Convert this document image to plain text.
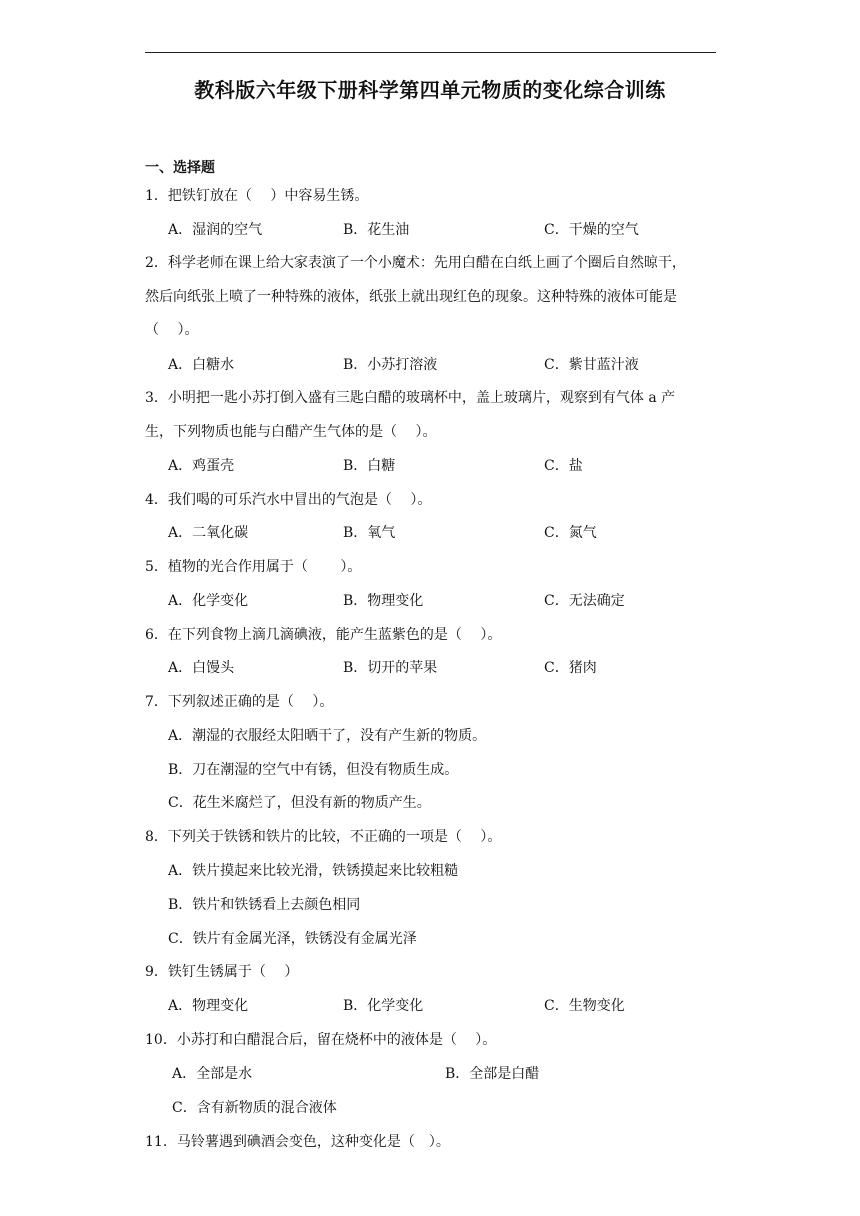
教科版六年级下册科学第四单元物质的变化综合训练
一、选择题
1．把铁钉放在（　 ）中容易生锈。
A．湿润的空气	B．花生油	C．干燥的空气
2．科学老师在课上给大家表演了一个小魔术：先用白醋在白纸上画了个圈后自然晾干，
然后向纸张上喷了一种特殊的液体，纸张上就出现红色的现象。这种特殊的液体可能是
（　 ）。
A．白糖水	B．小苏打溶液	C．紫甘蓝汁液
3．小明把一匙小苏打倒入盛有三匙白醋的玻璃杯中，盖上玻璃片，观察到有气体 a 产
生，下列物质也能与白醋产生气体的是（　 ）。
A．鸡蛋壳	B．白糖	C．盐
4．我们喝的可乐汽水中冒出的气泡是（　 ）。
A．二氧化碳	B．氧气	C．氮气
5．植物的光合作用属于（　　 ）。
A．化学变化	B．物理变化	C．无法确定
6．在下列食物上滴几滴碘液，能产生蓝紫色的是（　 ）。
A．白馒头	B．切开的苹果	C．猪肉
7．下列叙述正确的是（　 ）。
A．潮湿的衣服经太阳晒干了，没有产生新的物质。
B．刀在潮湿的空气中有锈，但没有物质生成。
C．花生米腐烂了，但没有新的物质产生。
8．下列关于铁锈和铁片的比较，不正确的一项是（　 ）。
A．铁片摸起来比较光滑，铁锈摸起来比较粗糙
B．铁片和铁锈看上去颜色相同
C．铁片有金属光泽，铁锈没有金属光泽
9．铁钉生锈属于（　 ）
A．物理变化	B．化学变化	C．生物变化
10．小苏打和白醋混合后，留在烧杯中的液体是（　 ）。
A．全部是水	B．全部是白醋
C．含有新物质的混合液体
11．马铃薯遇到碘酒会变色，这种变化是（　）。
